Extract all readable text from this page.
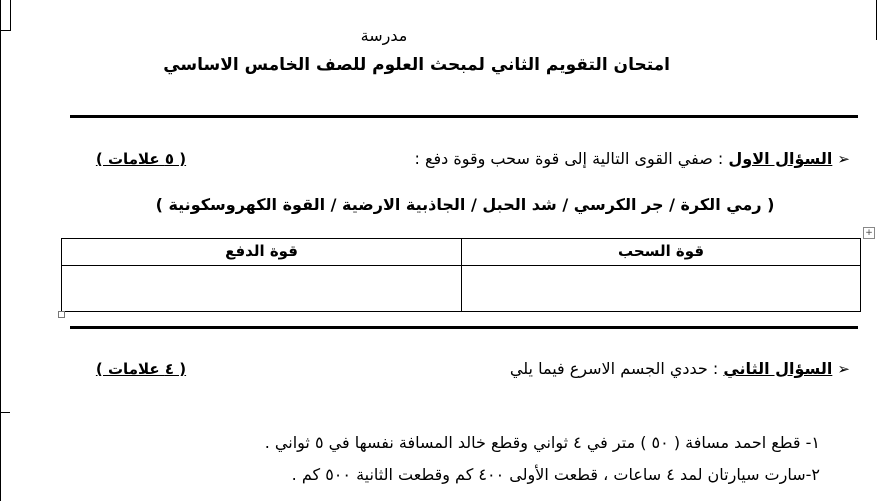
مدرسة
امتحان التقويم الثاني لمبحث العلوم للصف الخامس الاساسي
➢ السؤال الاول : صفي القوى التالية إلى قوة سحب وقوة دفع :
( ٥ علامات )
( رمي الكرة / جر الكرسي / شد الحبل / الجاذبية الارضية / القوة الكهروسكونية )
+
قوة الدفع	قوة السحب
➢ السؤال الثاني : حددي الجسم الاسرع فيما يلي
( ٤ علامات )
١- قطع احمد مسافة ( ٥٠ ) متر في ٤ ثواني وقطع خالد المسافة نفسها في ٥ ثواني .
٢-سارت سيارتان لمد ٤ ساعات ، قطعت الأولى ٤٠٠ كم وقطعت الثانية ٥٠٠ كم .
